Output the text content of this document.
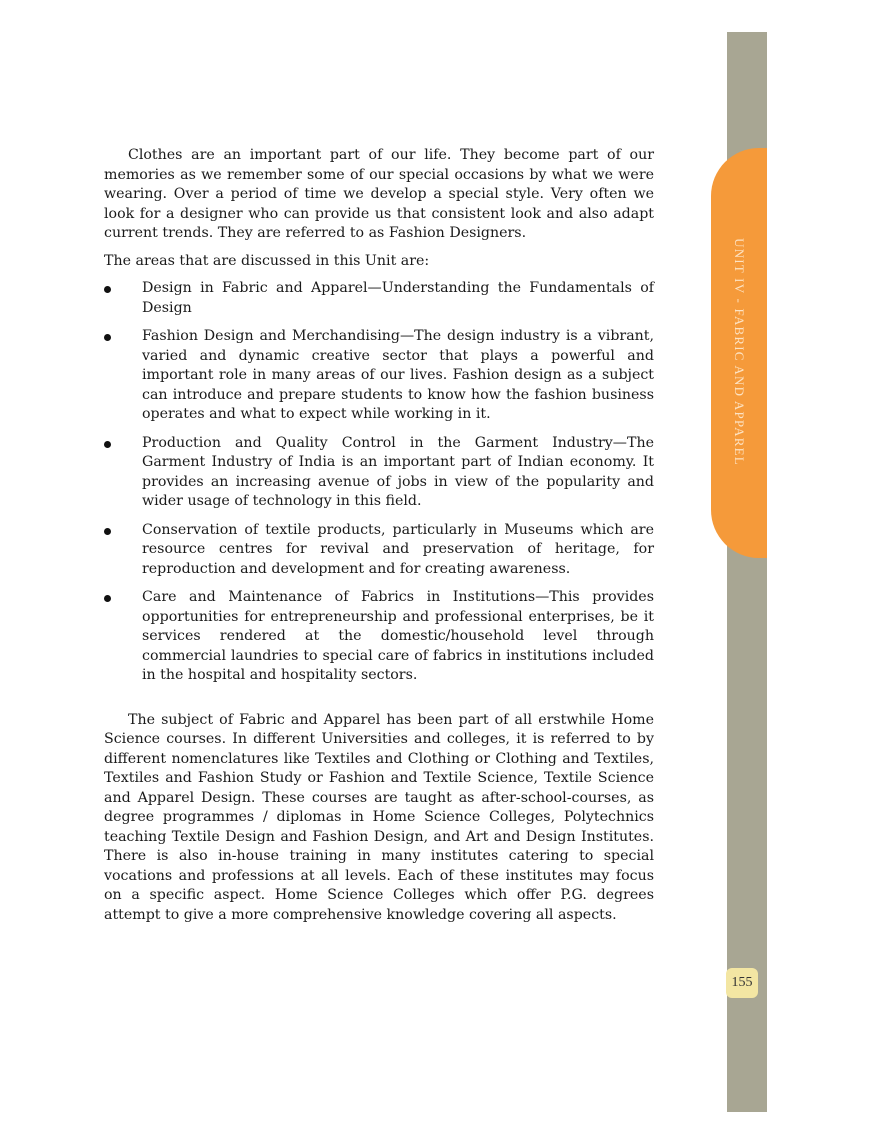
UNIT IV - FABRIC AND APPAREL
155

Clothes are an important part of our life. They become part of our memories as we remember some of our special occasions by what we were wearing. Over a period of time we develop a special style. Very often we look for a designer who can provide us that consistent look and also adapt current trends. They are referred to as Fashion Designers.

The areas that are discussed in this Unit are:

Design in Fabric and Apparel—Understanding the Fundamentals of Design
Fashion Design and Merchandising—The design industry is a vibrant, varied and dynamic creative sector that plays a powerful and important role in many areas of our lives. Fashion design as a subject can introduce and prepare students to know how the fashion business operates and what to expect while working in it.
Production and Quality Control in the Garment Industry—The Garment Industry of India is an important part of Indian economy. It provides an increasing avenue of jobs in view of the popularity and wider usage of technology in this field.
Conservation of textile products, particularly in Museums which are resource centres for revival and preservation of heritage, for reproduction and development and for creating awareness.
Care and Maintenance of Fabrics in Institutions—This provides opportunities for entrepreneurship and professional enterprises, be it services rendered at the domestic/household level through commercial laundries to special care of fabrics in institutions included in the hospital and hospitality sectors.

The subject of Fabric and Apparel has been part of all erstwhile Home Science courses. In different Universities and colleges, it is referred to by different nomenclatures like Textiles and Clothing or Clothing and Textiles, Textiles and Fashion Study or Fashion and Textile Science, Textile Science and Apparel Design. These courses are taught as after-school-courses, as degree programmes / diplomas in Home Science Colleges, Polytechnics teaching Textile Design and Fashion Design, and Art and Design Institutes. There is also in-house training in many institutes catering to special vocations and professions at all levels. Each of these institutes may focus on a specific aspect. Home Science Colleges which offer P.G. degrees attempt to give a more comprehensive knowledge covering all aspects.
